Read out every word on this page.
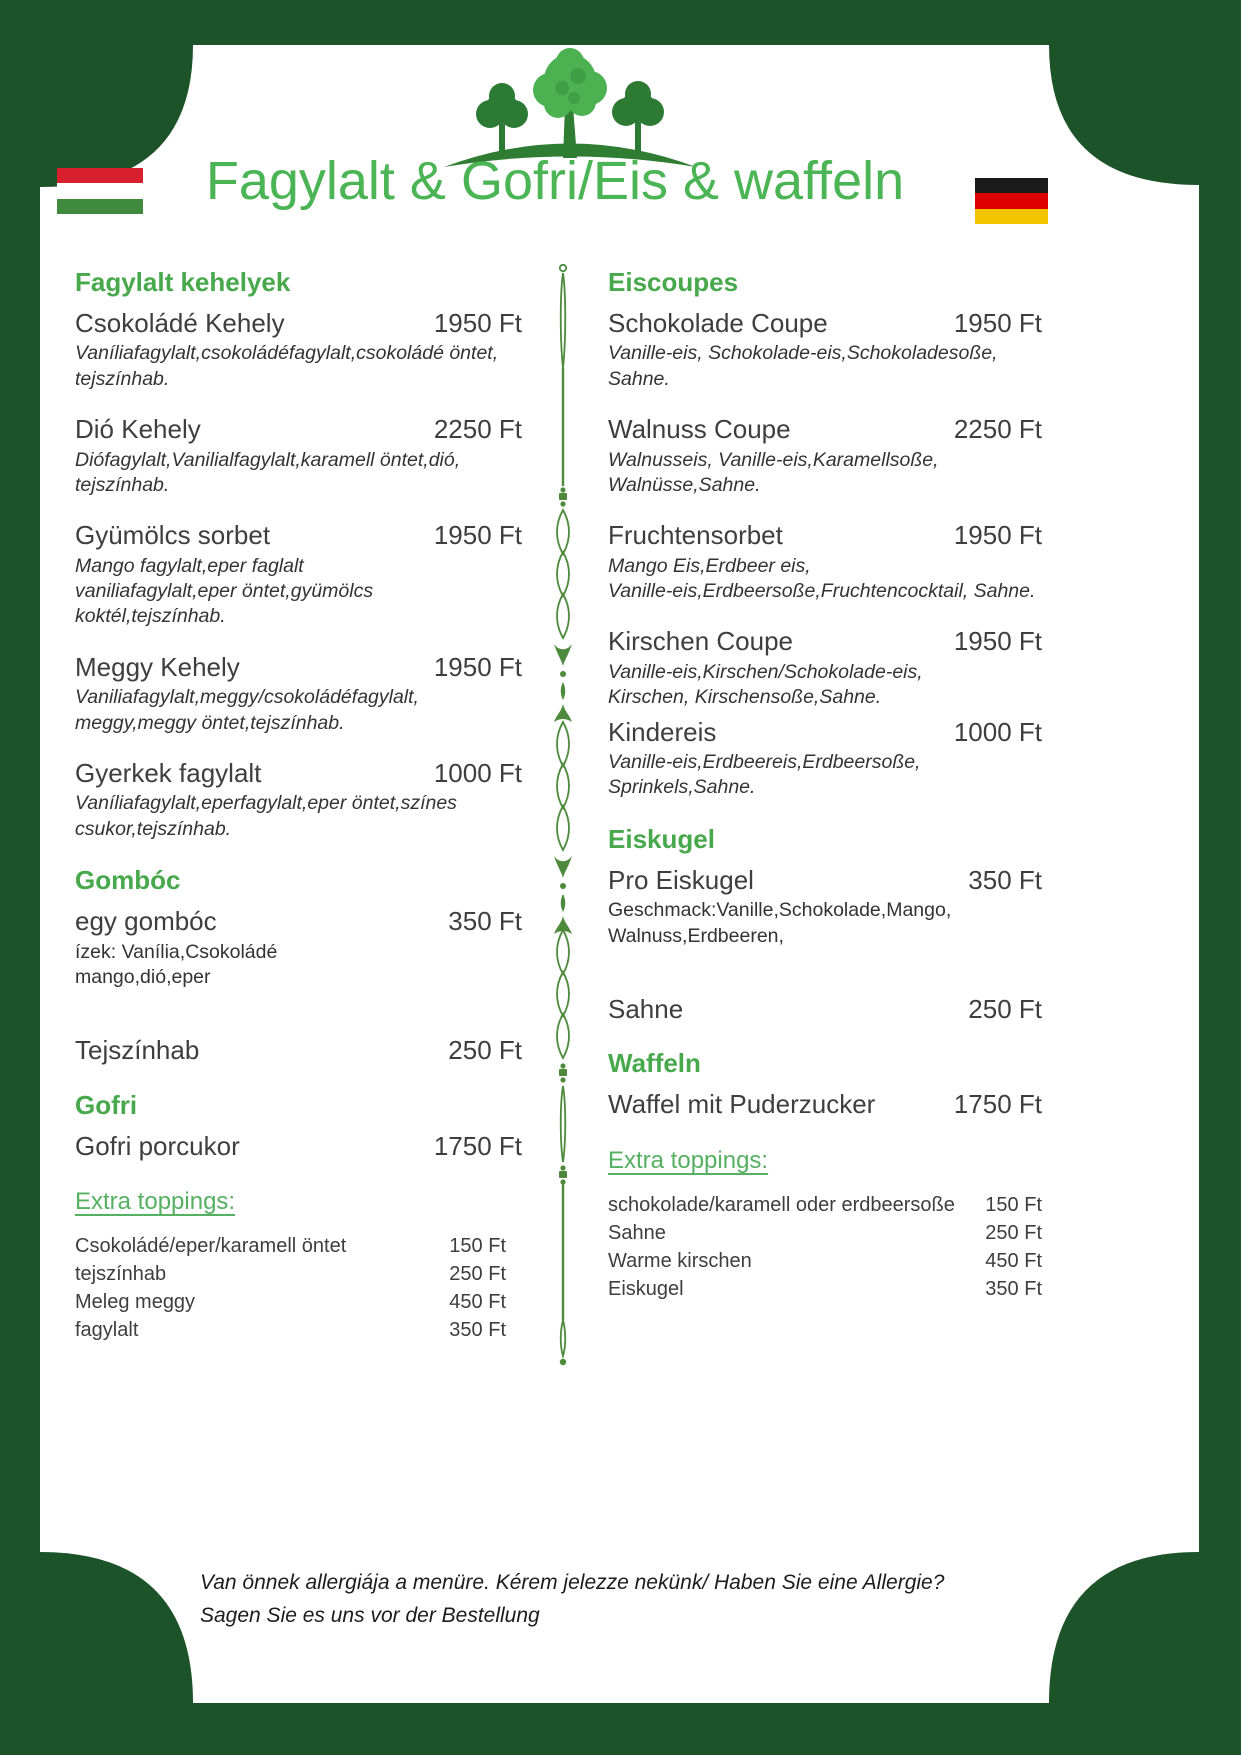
Fagylalt & Gofri/Eis & waffeln
Fagylalt kehelyek
Csokoládé Kehely	1950 Ft
Vaníliafagylalt,csokoládéfagylalt,csokoládé öntet,
tejszínhab.
Dió Kehely	2250 Ft
Diófagylalt,Vanilialfagylalt,karamell öntet,dió,
tejszínhab.
Gyümölcs sorbet	1950 Ft
Mango fagylalt,eper faglalt
vaniliafagylalt,eper öntet,gyümölcs koktél,tejszínhab.
Meggy Kehely	1950 Ft
Vaniliafagylalt,meggy/csokoládéfagylalt,
meggy,meggy öntet,tejszínhab.
Gyerkek fagylalt	1000 Ft
Vaníliafagylalt,eperfagylalt,eper öntet,színes
csukor,tejszínhab.
Gombóc
egy gombóc	350 Ft
ízek: Vanília,Csokoládé
mango,dió,eper
Tejszínhab	250 Ft
Gofri
Gofri porcukor	1750 Ft
Extra toppings:
Csokoládé/eper/karamell öntet	150 Ft
tejszínhab	250 Ft
Meleg meggy	450 Ft
fagylalt	350 Ft
Eiscoupes
Schokolade Coupe	1950 Ft
Vanille-eis, Schokolade-eis,Schokoladesoße,
Sahne.
Walnuss Coupe	2250 Ft
Walnusseis, Vanille-eis,Karamellsoße,
Walnüsse,Sahne.
Fruchtensorbet	1950 Ft
Mango Eis,Erdbeer eis,
Vanille-eis,Erdbeersoße,Fruchtencocktail, Sahne.
Kirschen Coupe	1950 Ft
Vanille-eis,Kirschen/Schokolade-eis,
Kirschen, Kirschensoße,Sahne.
Kindereis	1000 Ft
Vanille-eis,Erdbeereis,Erdbeersoße,
Sprinkels,Sahne.
Eiskugel
Pro Eiskugel	350 Ft
Geschmack:Vanille,Schokolade,Mango,
Walnuss,Erdbeeren,
Sahne	250 Ft
Waffeln
Waffel mit Puderzucker	1750 Ft
Extra toppings:
schokolade/karamell oder erdbeersoße 150 Ft
Sahne	250 Ft
Warme kirschen	450 Ft
Eiskugel	350 Ft
Van önnek allergiája a menüre. Kérem jelezze nekünk/ Haben Sie eine Allergie? Sagen Sie es uns vor der Bestellung
